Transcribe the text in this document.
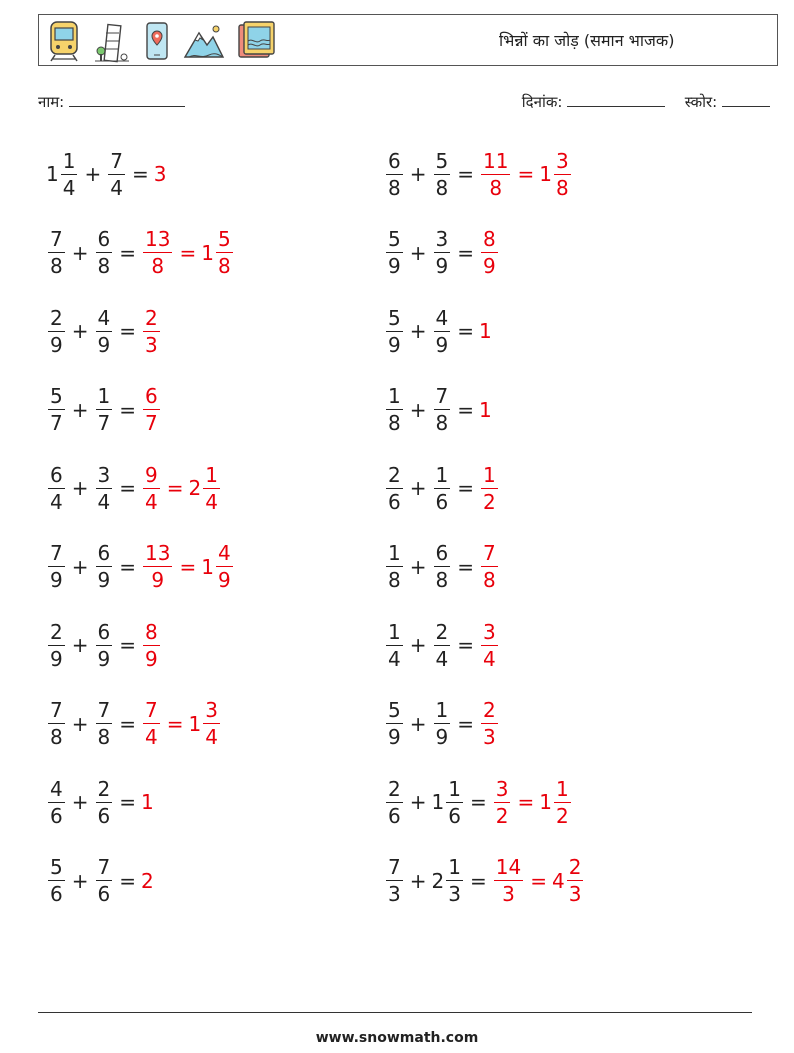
भिन्नों का जोड़ (समान भाजक)
नाम:	दिनांक:	स्कोर:
$1 \frac{1}{4} + \frac{7}{4} = 3$	$\frac{6}{8} + \frac{5}{8} = \frac{11}{8} = 1 \frac{3}{8}$
$\frac{7}{8} + \frac{6}{8} = \frac{13}{8} = 1 \frac{5}{8}$	$\frac{5}{9} + \frac{3}{9} = \frac{8}{9}$
$\frac{2}{9} + \frac{4}{9} = \frac{2}{3}$	$\frac{5}{9} + \frac{4}{9} = 1$
$\frac{5}{7} + \frac{1}{7} = \frac{6}{7}$	$\frac{1}{8} + \frac{7}{8} = 1$
$\frac{6}{4} + \frac{3}{4} = \frac{9}{4} = 2 \frac{1}{4}$	$\frac{2}{6} + \frac{1}{6} = \frac{1}{2}$
$\frac{7}{9} + \frac{6}{9} = \frac{13}{9} = 1 \frac{4}{9}$	$\frac{1}{8} + \frac{6}{8} = \frac{7}{8}$
$\frac{2}{9} + \frac{6}{9} = \frac{8}{9}$	$\frac{1}{4} + \frac{2}{4} = \frac{3}{4}$
$\frac{7}{8} + \frac{7}{8} = \frac{7}{4} = 1 \frac{3}{4}$	$\frac{5}{9} + \frac{1}{9} = \frac{2}{3}$
$\frac{4}{6} + \frac{2}{6} = 1$	$\frac{2}{6} + 1 \frac{1}{6} = \frac{3}{2} = 1 \frac{1}{2}$
$\frac{5}{6} + \frac{7}{6} = 2$	$\frac{7}{3} + 2 \frac{1}{3} = \frac{14}{3} = 4 \frac{2}{3}$
www.snowmath.com
